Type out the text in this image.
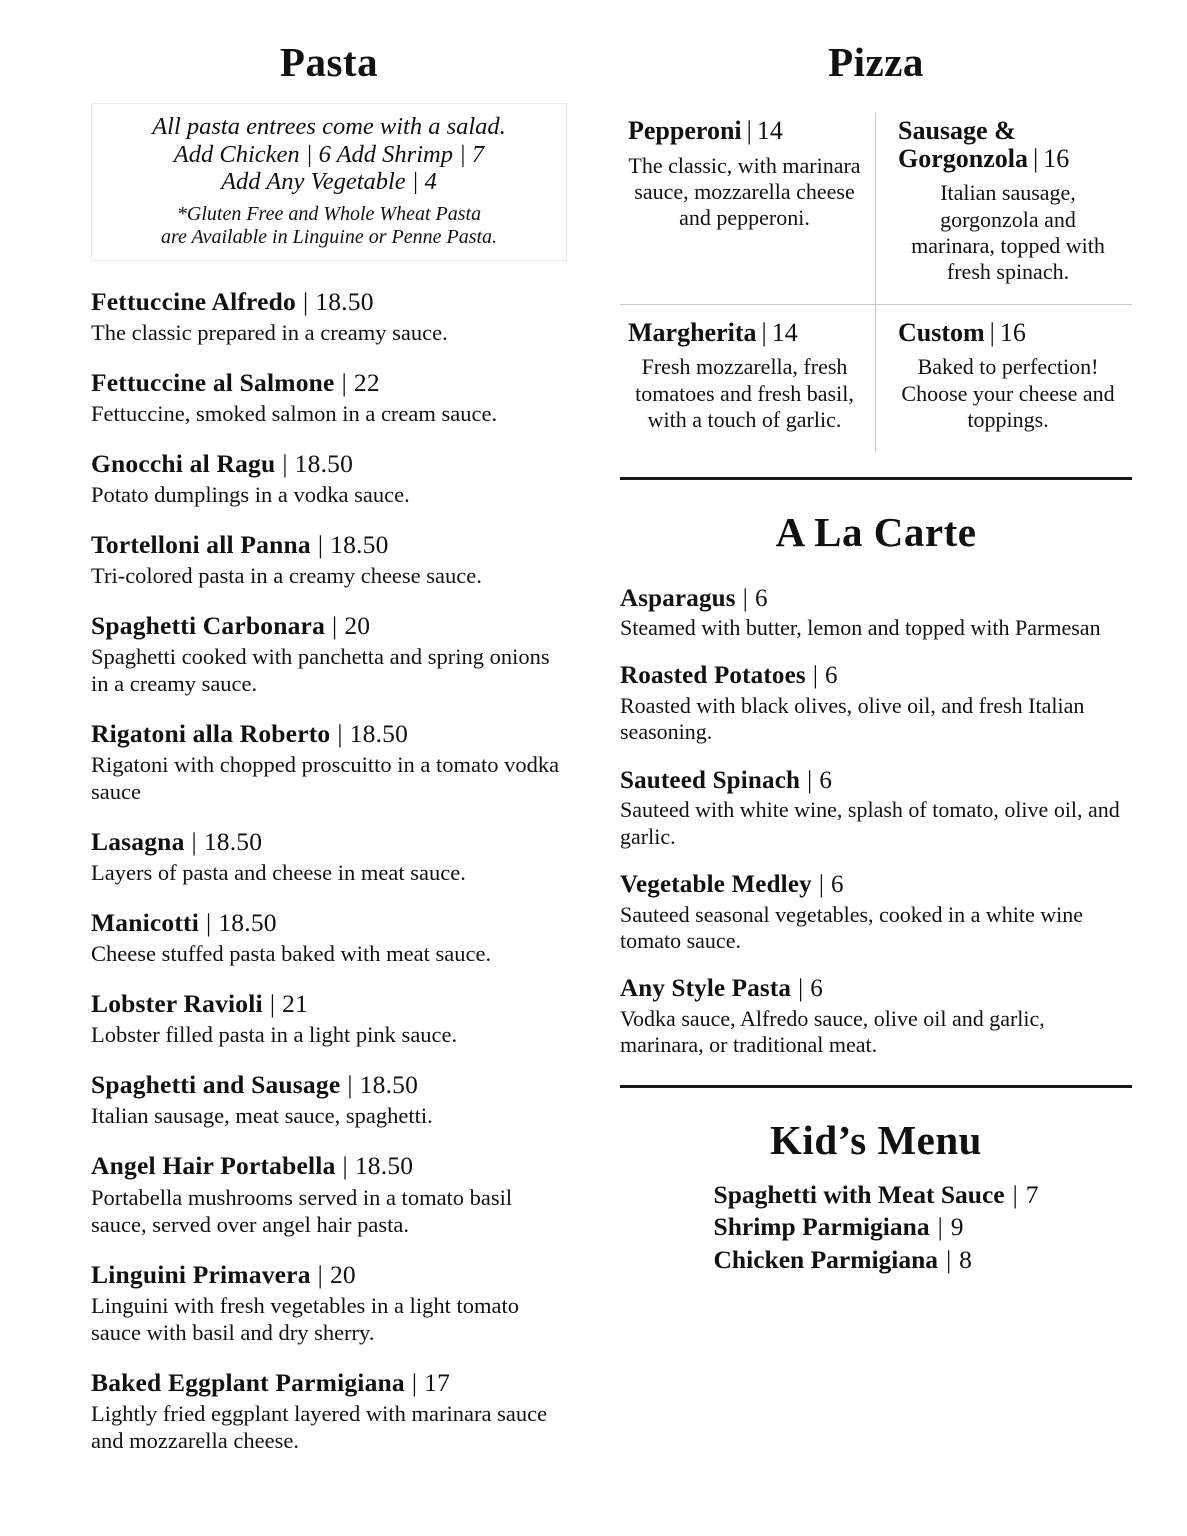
Pasta
All pasta entrees come with a salad.
Add Chicken | 6 Add Shrimp | 7
Add Any Vegetable | 4
*Gluten Free and Whole Wheat Pasta
are Available in Linguine or Penne Pasta.
Fettuccine Alfredo | 18.50
The classic prepared in a creamy sauce.
Fettuccine al Salmone | 22
Fettuccine, smoked salmon in a cream sauce.
Gnocchi al Ragu | 18.50
Potato dumplings in a vodka sauce.
Tortelloni all Panna | 18.50
Tri-colored pasta in a creamy cheese sauce.
Spaghetti Carbonara | 20
Spaghetti cooked with panchetta and spring onions in a creamy sauce.
Rigatoni alla Roberto | 18.50
Rigatoni with chopped proscuitto in a tomato vodka sauce
Lasagna | 18.50
Layers of pasta and cheese in meat sauce.
Manicotti | 18.50
Cheese stuffed pasta baked with meat sauce.
Lobster Ravioli | 21
Lobster filled pasta in a light pink sauce.
Spaghetti and Sausage | 18.50
Italian sausage, meat sauce, spaghetti.
Angel Hair Portabella | 18.50
Portabella mushrooms served in a tomato basil sauce, served over angel hair pasta.
Linguini Primavera | 20
Linguini with fresh vegetables in a light tomato sauce with basil and dry sherry.
Baked Eggplant Parmigiana | 17
Lightly fried eggplant layered with marinara sauce and mozzarella cheese.
Pizza
Pepperoni | 14
The classic, with marinara sauce, mozzarella cheese and pepperoni.
Sausage & Gorgonzola | 16
Italian sausage, gorgonzola and marinara, topped with fresh spinach.
Margherita | 14
Fresh mozzarella, fresh tomatoes and fresh basil, with a touch of garlic.
Custom | 16
Baked to perfection! Choose your cheese and toppings.
A La Carte
Asparagus | 6
Steamed with butter, lemon and topped with Parmesan
Roasted Potatoes | 6
Roasted with black olives, olive oil, and fresh Italian seasoning.
Sauteed Spinach | 6
Sauteed with white wine, splash of tomato, olive oil, and garlic.
Vegetable Medley | 6
Sauteed seasonal vegetables, cooked in a white wine tomato sauce.
Any Style Pasta | 6
Vodka sauce, Alfredo sauce, olive oil and garlic, marinara, or traditional meat.
Kid’s Menu
Spaghetti with Meat Sauce | 7
Shrimp Parmigiana | 9
Chicken Parmigiana | 8
